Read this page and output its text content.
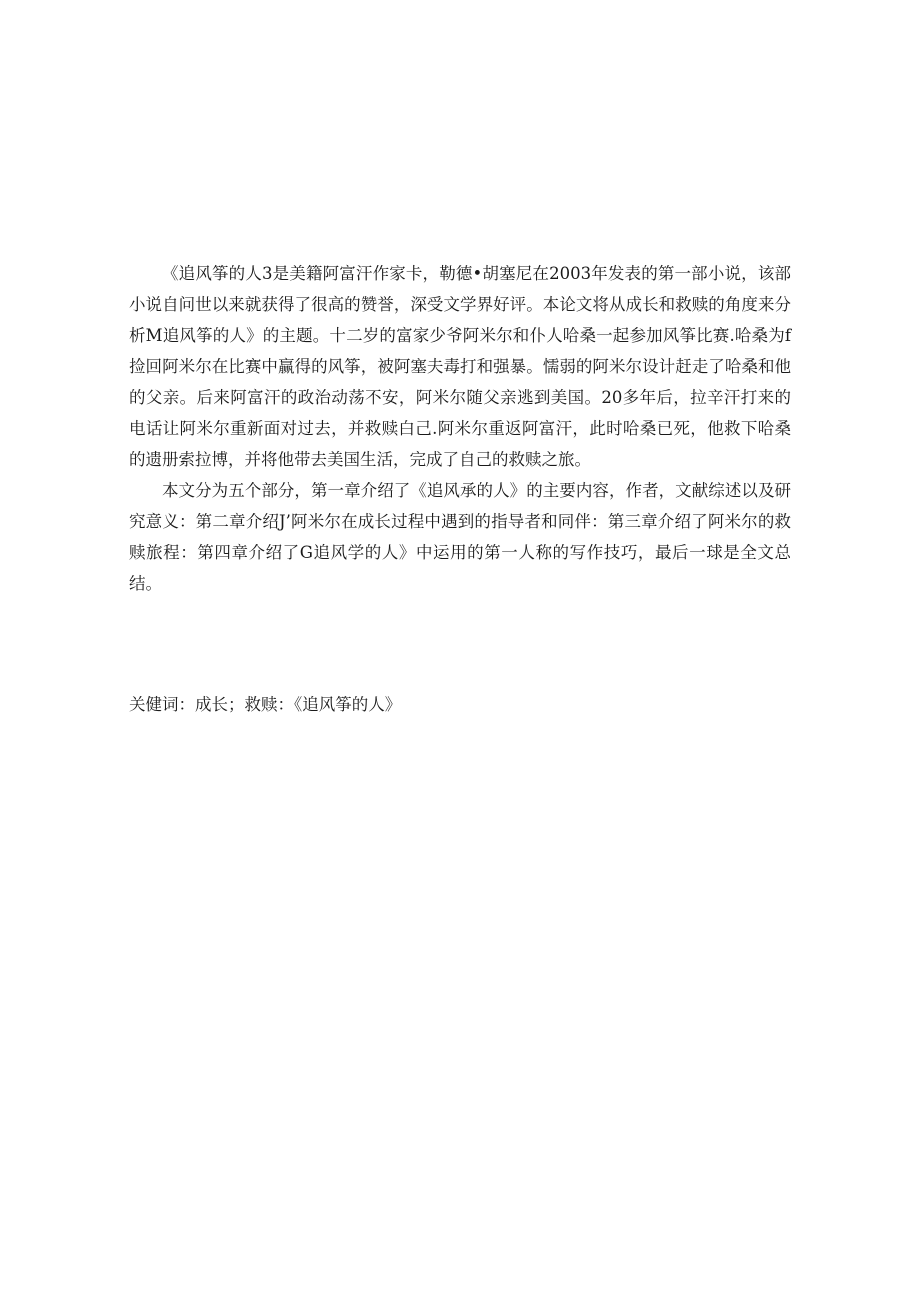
《追风筝的人3是美籍阿富汗作家卡，勒德•胡塞尼在2003年发表的第一部小说，该部小说自问世以来就获得了很高的赞誉，深受文学界好评。本论文将从成长和救赎的角度来分析M追风筝的人》的主题。十二岁的富家少爷阿米尔和仆人哈桑一起参加风筝比赛.哈桑为f捡回阿米尔在比赛中赢得的风筝，被阿塞夫毒打和强暴。懦弱的阿米尔设计赶走了哈桑和他的父亲。后来阿富汗的政治动荡不安，阿米尔随父亲逃到美国。20多年后，拉辛汗打来的电话让阿米尔重新面对过去，并救赎白己.阿米尔重返阿富汗，此时哈桑已死，他救下哈桑的遗册索拉博，并将他带去美国生活，完成了自己的救赎之旅。

本文分为五个部分，第一章介绍了《追风承的人》的主要内容，作者，文献综述以及研究意义：第二章介绍J’阿米尔在成长过程中遇到的指导者和同伴：第三章介绍了阿米尔的救赎旅程：第四章介绍了G追风学的人》中运用的第一人称的写作技巧，最后一球是全文总结。

关健词：成长；救赎：《追风筝的人》
